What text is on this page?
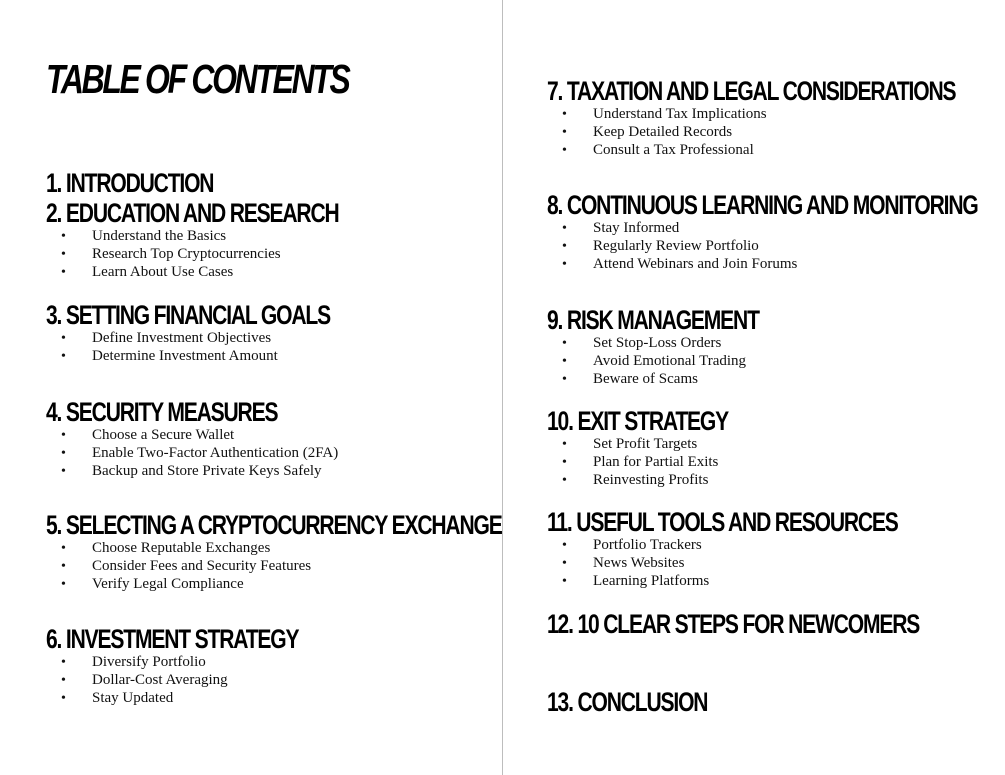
TABLE OF CONTENTS
1. INTRODUCTION
2. EDUCATION AND RESEARCH
• Understand the Basics
• Research Top Cryptocurrencies
• Learn About Use Cases
3. SETTING FINANCIAL GOALS
• Define Investment Objectives
• Determine Investment Amount
4. SECURITY MEASURES
• Choose a Secure Wallet
• Enable Two-Factor Authentication (2FA)
• Backup and Store Private Keys Safely
5. SELECTING A CRYPTOCURRENCY EXCHANGE
• Choose Reputable Exchanges
• Consider Fees and Security Features
• Verify Legal Compliance
6. INVESTMENT STRATEGY
• Diversify Portfolio
• Dollar-Cost Averaging
• Stay Updated
7. TAXATION AND LEGAL CONSIDERATIONS
• Understand Tax Implications
• Keep Detailed Records
• Consult a Tax Professional
8. CONTINUOUS LEARNING AND MONITORING
• Stay Informed
• Regularly Review Portfolio
• Attend Webinars and Join Forums
9. RISK MANAGEMENT
• Set Stop-Loss Orders
• Avoid Emotional Trading
• Beware of Scams
10. EXIT STRATEGY
• Set Profit Targets
• Plan for Partial Exits
• Reinvesting Profits
11. USEFUL TOOLS AND RESOURCES
• Portfolio Trackers
• News Websites
• Learning Platforms
12. 10 CLEAR STEPS FOR NEWCOMERS
13. CONCLUSION
